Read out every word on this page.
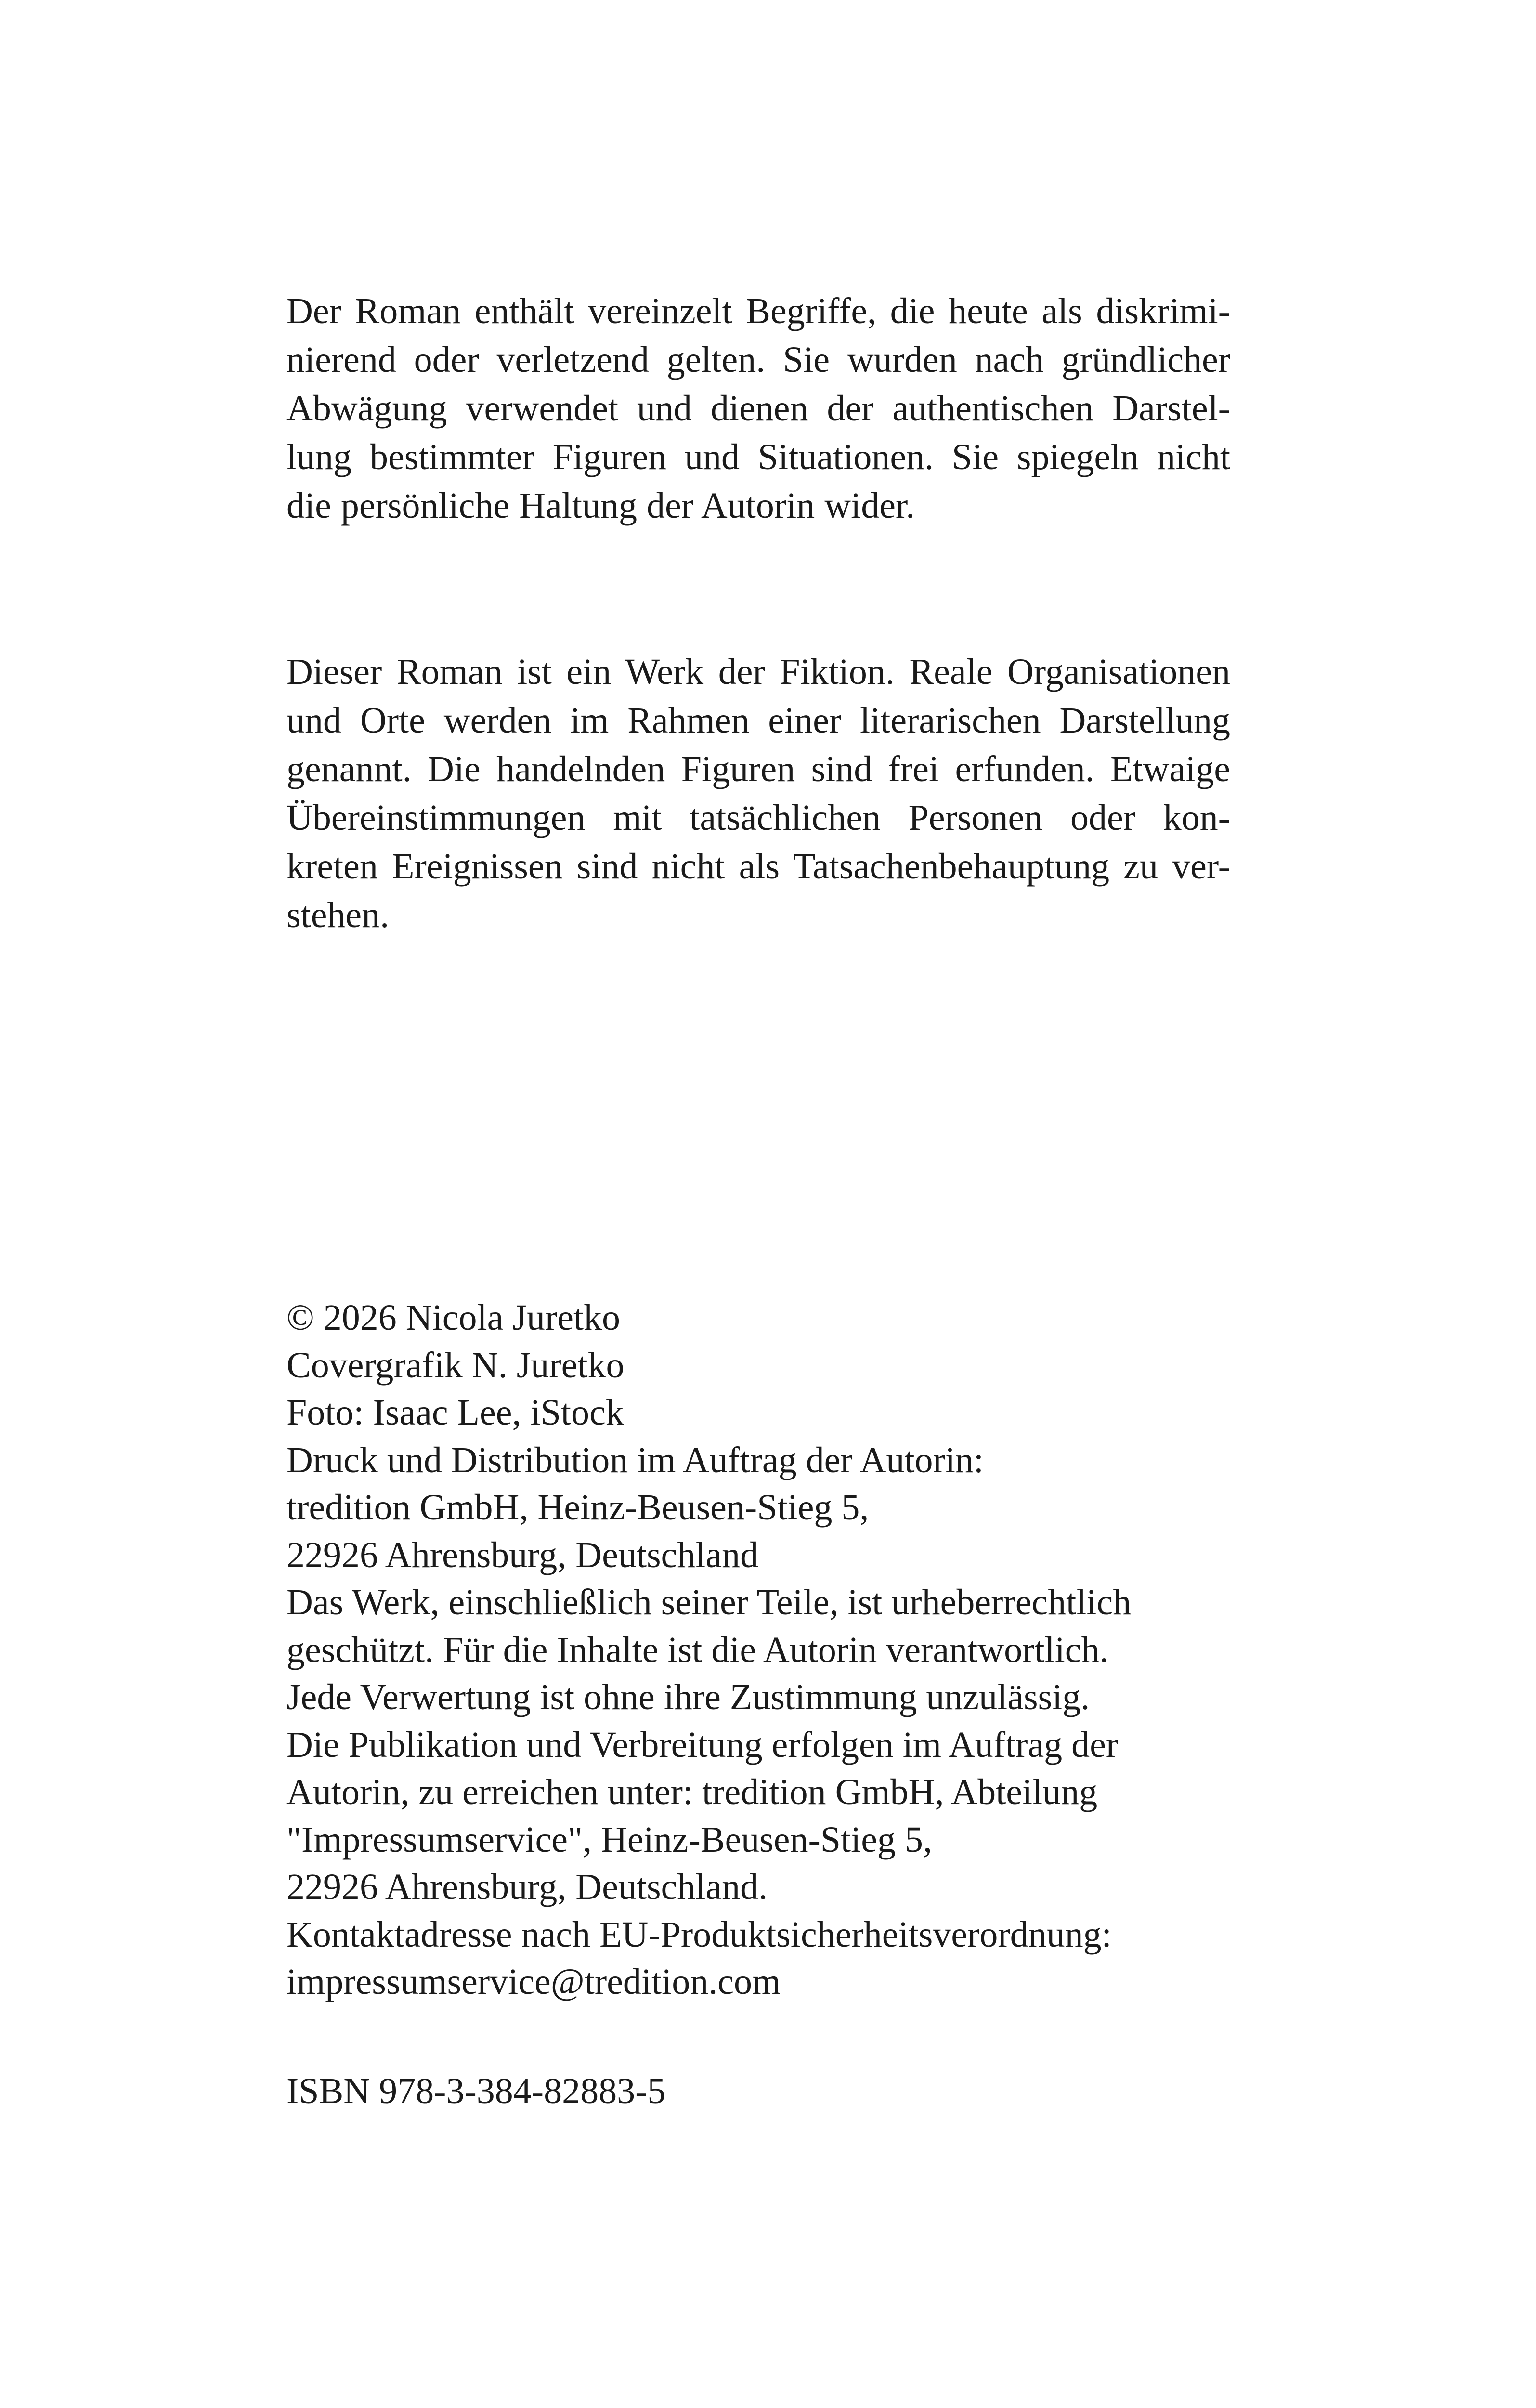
Der Roman enthält vereinzelt Begriffe, die heute als diskrimi-
nierend oder verletzend gelten. Sie wurden nach gründlicher
Abwägung verwendet und dienen der authentischen Darstel-
lung bestimmter Figuren und Situationen. Sie spiegeln nicht
die persönliche Haltung der Autorin wider.

Dieser Roman ist ein Werk der Fiktion. Reale Organisationen
und Orte werden im Rahmen einer literarischen Darstellung
genannt. Die handelnden Figuren sind frei erfunden. Etwaige
Übereinstimmungen mit tatsächlichen Personen oder kon-
kreten Ereignissen sind nicht als Tatsachenbehauptung zu ver-
stehen.

© 2026 Nicola Juretko
Covergrafik N. Juretko
Foto: Isaac Lee, iStock
Druck und Distribution im Auftrag der Autorin:
tredition GmbH, Heinz-Beusen-Stieg 5,
22926 Ahrensburg, Deutschland
Das Werk, einschließlich seiner Teile, ist urheberrechtlich
geschützt. Für die Inhalte ist die Autorin verantwortlich.
Jede Verwertung ist ohne ihre Zustimmung unzulässig.
Die Publikation und Verbreitung erfolgen im Auftrag der
Autorin, zu erreichen unter: tredition GmbH, Abteilung
"Impressumservice", Heinz-Beusen-Stieg 5,
22926 Ahrensburg, Deutschland.
Kontaktadresse nach EU-Produktsicherheitsverordnung:
impressumservice@tredition.com
ISBN 978-3-384-82883-5
